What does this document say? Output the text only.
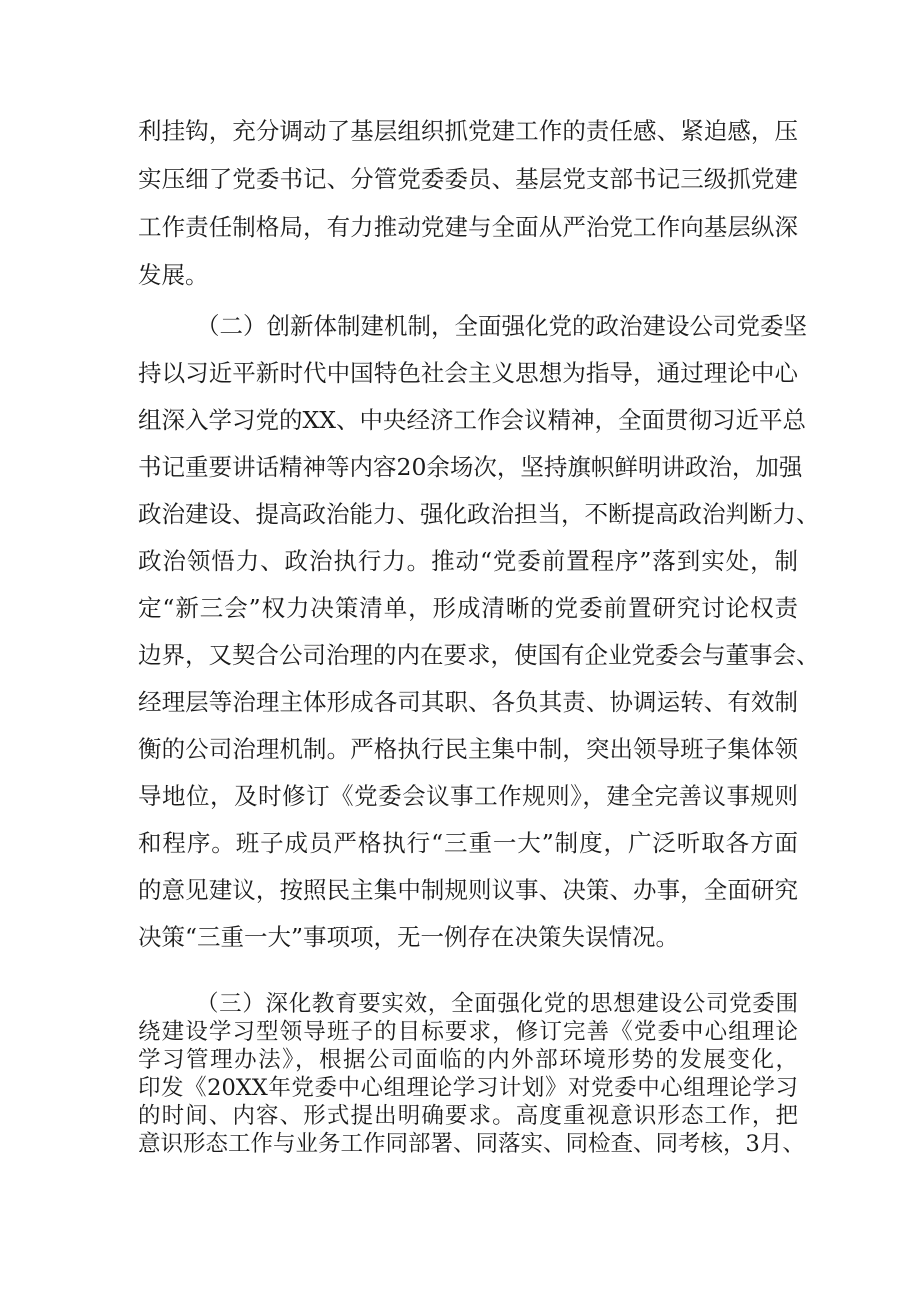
利挂钩，充分调动了基层组织抓党建工作的责任感、紧迫感，压
实压细了党委书记、分管党委委员、基层党支部书记三级抓党建
工作责任制格局，有力推动党建与全面从严治党工作向基层纵深
发展。
（二）创新体制建机制，全面强化党的政治建设公司党委坚
持以习近平新时代中国特色社会主义思想为指导，通过理论中心
组深入学习党的XX、中央经济工作会议精神，全面贯彻习近平总
书记重要讲话精神等内容20余场次，坚持旗帜鲜明讲政治，加强
政治建设、提高政治能力、强化政治担当，不断提高政治判断力、
政治领悟力、政治执行力。推动“党委前置程序”落到实处，制
定“新三会”权力决策清单，形成清晰的党委前置研究讨论权责
边界，又契合公司治理的内在要求，使国有企业党委会与董事会、
经理层等治理主体形成各司其职、各负其责、协调运转、有效制
衡的公司治理机制。严格执行民主集中制，突出领导班子集体领
导地位，及时修订《党委会议事工作规则》，建全完善议事规则
和程序。班子成员严格执行“三重一大”制度，广泛听取各方面
的意见建议，按照民主集中制规则议事、决策、办事，全面研究
决策“三重一大”事项项，无一例存在决策失误情况。
（三）深化教育要实效，全面强化党的思想建设公司党委围
绕建设学习型领导班子的目标要求，修订完善《党委中心组理论
学习管理办法》，根据公司面临的内外部环境形势的发展变化，
印发《20XX年党委中心组理论学习计划》对党委中心组理论学习
的时间、内容、形式提出明确要求。高度重视意识形态工作，把
意识形态工作与业务工作同部署、同落实、同检查、同考核，3月、
